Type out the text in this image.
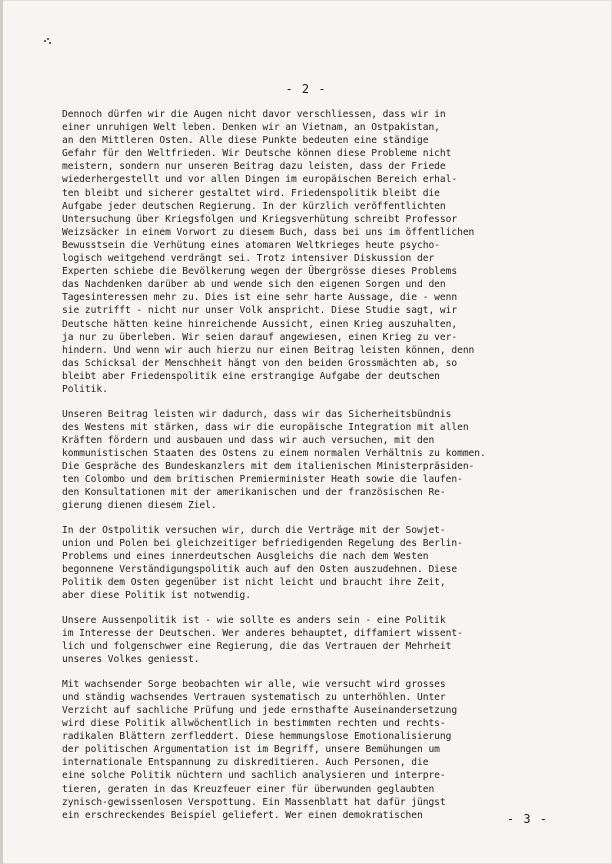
- 2 -
Dennoch dürfen wir die Augen nicht davor verschliessen, dass wir in
einer unruhigen Welt leben. Denken wir an Vietnam, an Ostpakistan,
an den Mittleren Osten. Alle diese Punkte bedeuten eine ständige
Gefahr für den Weltfrieden. Wir Deutsche können diese Probleme nicht
meistern, sondern nur unseren Beitrag dazu leisten, dass der Friede
wiederhergestellt und vor allen Dingen im europäischen Bereich erhal-
ten bleibt und sicherer gestaltet wird. Friedenspolitik bleibt die
Aufgabe jeder deutschen Regierung. In der kürzlich veröffentlichten
Untersuchung über Kriegsfolgen und Kriegsverhütung schreibt Professor
Weizsäcker in einem Vorwort zu diesem Buch, dass bei uns im öffentlichen
Bewusstsein die Verhütung eines atomaren Weltkrieges heute psycho-
logisch weitgehend verdrängt sei. Trotz intensiver Diskussion der
Experten schiebe die Bevölkerung wegen der Übergrösse dieses Problems
das Nachdenken darüber ab und wende sich den eigenen Sorgen und den
Tagesinteressen mehr zu. Dies ist eine sehr harte Aussage, die - wenn
sie zutrifft - nicht nur unser Volk anspricht. Diese Studie sagt, wir
Deutsche hätten keine hinreichende Aussicht, einen Krieg auszuhalten,
ja nur zu überleben. Wir seien darauf angewiesen, einen Krieg zu ver-
hindern. Und wenn wir auch hierzu nur einen Beitrag leisten können, denn
das Schicksal der Menschheit hängt von den beiden Grossmächten ab, so
bleibt aber Friedenspolitik eine erstrangige Aufgabe der deutschen
Politik.
Unseren Beitrag leisten wir dadurch, dass wir das Sicherheitsbündnis
des Westens mit stärken, dass wir die europäische Integration mit allen
Kräften fördern und ausbauen und dass wir auch versuchen, mit den
kommunistischen Staaten des Ostens zu einem normalen Verhältnis zu kommen.
Die Gespräche des Bundeskanzlers mit dem italienischen Ministerpräsiden-
ten Colombo und dem britischen Premierminister Heath sowie die laufen-
den Konsultationen mit der amerikanischen und der französischen Re-
gierung dienen diesem Ziel.
In der Ostpolitik versuchen wir, durch die Verträge mit der Sowjet-
union und Polen bei gleichzeitiger befriedigenden Regelung des Berlin-
Problems und eines innerdeutschen Ausgleichs die nach dem Westen
begonnene Verständigungspolitik auch auf den Osten auszudehnen. Diese
Politik dem Osten gegenüber ist nicht leicht und braucht ihre Zeit,
aber diese Politik ist notwendig.
Unsere Aussenpolitik ist - wie sollte es anders sein - eine Politik
im Interesse der Deutschen. Wer anderes behauptet, diffamiert wissent-
lich und folgenschwer eine Regierung, die das Vertrauen der Mehrheit
unseres Volkes geniesst.
Mit wachsender Sorge beobachten wir alle, wie versucht wird grosses
und ständig wachsendes Vertrauen systematisch zu unterhöhlen. Unter
Verzicht auf sachliche Prüfung und jede ernsthafte Auseinandersetzung
wird diese Politik allwöchentlich in bestimmten rechten und rechts-
radikalen Blättern zerfleddert. Diese hemmungslose Emotionalisierung
der politischen Argumentation ist im Begriff, unsere Bemühungen um
internationale Entspannung zu diskreditieren. Auch Personen, die
eine solche Politik nüchtern und sachlich analysieren und interpre-
tieren, geraten in das Kreuzfeuer einer für überwunden geglaubten
zynisch-gewissenlosen Verspottung. Ein Massenblatt hat dafür jüngst
ein erschreckendes Beispiel geliefert. Wer einen demokratischen	- 3 -
